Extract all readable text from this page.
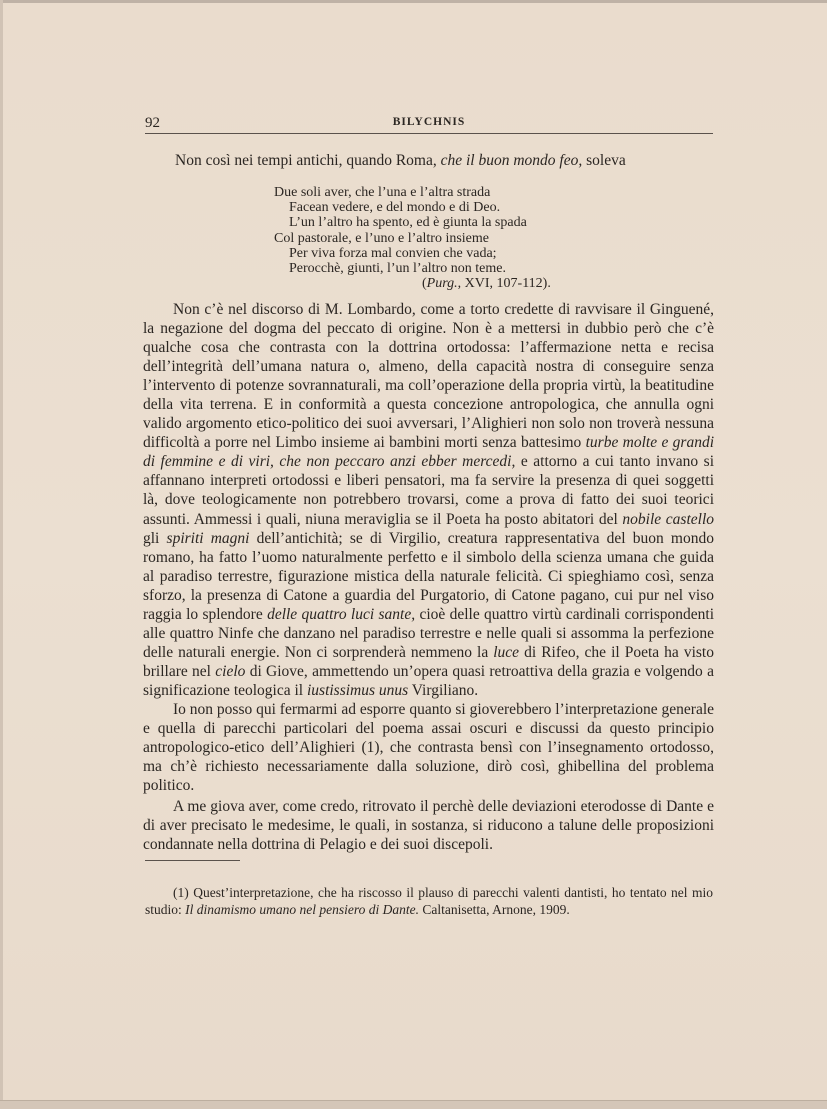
92	BILYCHNIS
Non così nei tempi antichi, quando Roma, che il buon mondo feo, soleva
Due soli aver, che l’una e l’altra strada
Facean vedere, e del mondo e di Deo.
L’un l’altro ha spento, ed è giunta la spada
Col pastorale, e l’uno e l’altro insieme
Per viva forza mal convien che vada;
Perocchè, giunti, l’un l’altro non teme.
(Purg., XVI, 107-112).

Non c’è nel discorso di M. Lombardo, come a torto credette di ravvisare il Ginguené, la negazione del dogma del peccato di origine. Non è a mettersi in dubbio però che c’è qualche cosa che contrasta con la dottrina ortodossa: l’affermazione netta e recisa dell’integrità dell’umana natura o, almeno, della capacità nostra di conseguire senza l’intervento di potenze sovrannaturali, ma coll’operazione della propria virtù, la beatitudine della vita terrena. E in conformità a questa concezione antropologica, che annulla ogni valido argomento etico-politico dei suoi avversari, l’Alighieri non solo non troverà nessuna difficoltà a porre nel Limbo insieme ai bambini morti senza battesimo turbe molte e grandi di femmine e di viri, che non peccaro anzi ebber mercedi, e attorno a cui tanto invano si affannano interpreti ortodossi e liberi pensatori, ma fa servire la presenza di quei soggetti là, dove teologicamente non potrebbero trovarsi, come a prova di fatto dei suoi teorici assunti. Ammessi i quali, niuna meraviglia se il Poeta ha posto abitatori del nobile castello gli spiriti magni dell’antichità; se di Virgilio, creatura rappresentativa del buon mondo romano, ha fatto l’uomo naturalmente perfetto e il simbolo della scienza umana che guida al paradiso terrestre, figurazione mistica della naturale felicità. Ci spieghiamo così, senza sforzo, la presenza di Catone a guardia del Purgatorio, di Catone pagano, cui pur nel viso raggia lo splendore delle quattro luci sante, cioè delle quattro virtù cardinali corrispondenti alle quattro Ninfe che danzano nel paradiso terrestre e nelle quali si assomma la perfezione delle naturali energie. Non ci sorprenderà nemmeno la luce di Rifeo, che il Poeta ha visto brillare nel cielo di Giove, ammettendo un’opera quasi retroattiva della grazia e volgendo a significazione teologica il iustissimus unus Virgiliano.

Io non posso qui fermarmi ad esporre quanto si gioverebbero l’interpretazione generale e quella di parecchi particolari del poema assai oscuri e discussi da questo principio antropologico-etico dell’Alighieri (1), che contrasta bensì con l’insegnamento ortodosso, ma ch’è richiesto necessariamente dalla soluzione, dirò così, ghibellina del problema politico.

A me giova aver, come credo, ritrovato il perchè delle deviazioni eterodosse di Dante e di aver precisato le medesime, le quali, in sostanza, si riducono a talune delle proposizioni condannate nella dottrina di Pelagio e dei suoi discepoli.

(1) Quest’interpretazione, che ha riscosso il plauso di parecchi valenti dantisti, ho tentato nel mio studio: Il dinamismo umano nel pensiero di Dante. Caltanisetta, Arnone, 1909.
